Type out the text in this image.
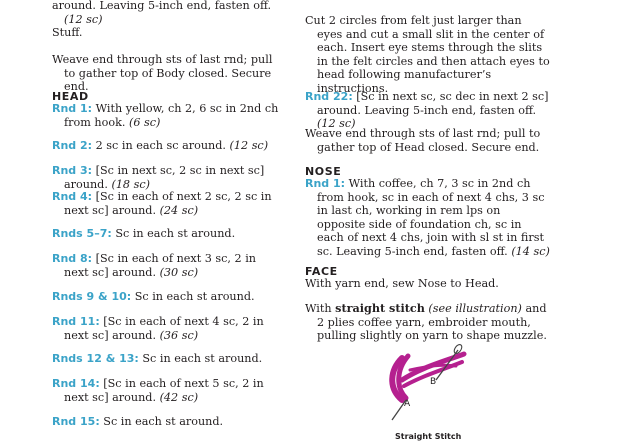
around. Leaving 5-inch end, fasten off. (12 sc)

Stuff.

Weave end through sts of last rnd; pull to gather top of Body closed. Secure end.

HEAD

Rnd 1: With yellow, ch 2, 6 sc in 2nd ch from hook. (6 sc)

Rnd 2: 2 sc in each sc around. (12 sc)

Rnd 3: [Sc in next sc, 2 sc in next sc] around. (18 sc)

Rnd 4: [Sc in each of next 2 sc, 2 sc in next sc] around. (24 sc)

Rnds 5–7: Sc in each st around.

Rnd 8: [Sc in each of next 3 sc, 2 in next sc] around. (30 sc)

Rnds 9 & 10: Sc in each st around.

Rnd 11: [Sc in each of next 4 sc, 2 in next sc] around. (36 sc)

Rnds 12 & 13: Sc in each st around.

Rnd 14: [Sc in each of next 5 sc, 2 in next sc] around. (42 sc)

Rnd 15: Sc in each st around.

Cut 2 circles from felt just larger than eyes and cut a small slit in the center of each. Insert eye stems through the slits in the felt circles and then attach eyes to head following manufacturer’s instructions.

Rnd 22: [Sc in next sc, sc dec in next 2 sc] around. Leaving 5-inch end, fasten off. (12 sc)

Weave end through sts of last rnd; pull to gather top of Head closed. Secure end.

NOSE

Rnd 1: With coffee, ch 7, 3 sc in 2nd ch from hook, sc in each of next 4 chs, 3 sc in last ch, working in rem lps on opposite side of foundation ch, sc in each of next 4 chs, join with sl st in first sc. Leaving 5-inch end, fasten off. (14 sc)

FACE

With yarn end, sew Nose to Head.

With straight stitch (see illustration) and 2 plies coffee yarn, embroider mouth, pulling slightly on yarn to shape muzzle.

B
A
Straight Stitch
